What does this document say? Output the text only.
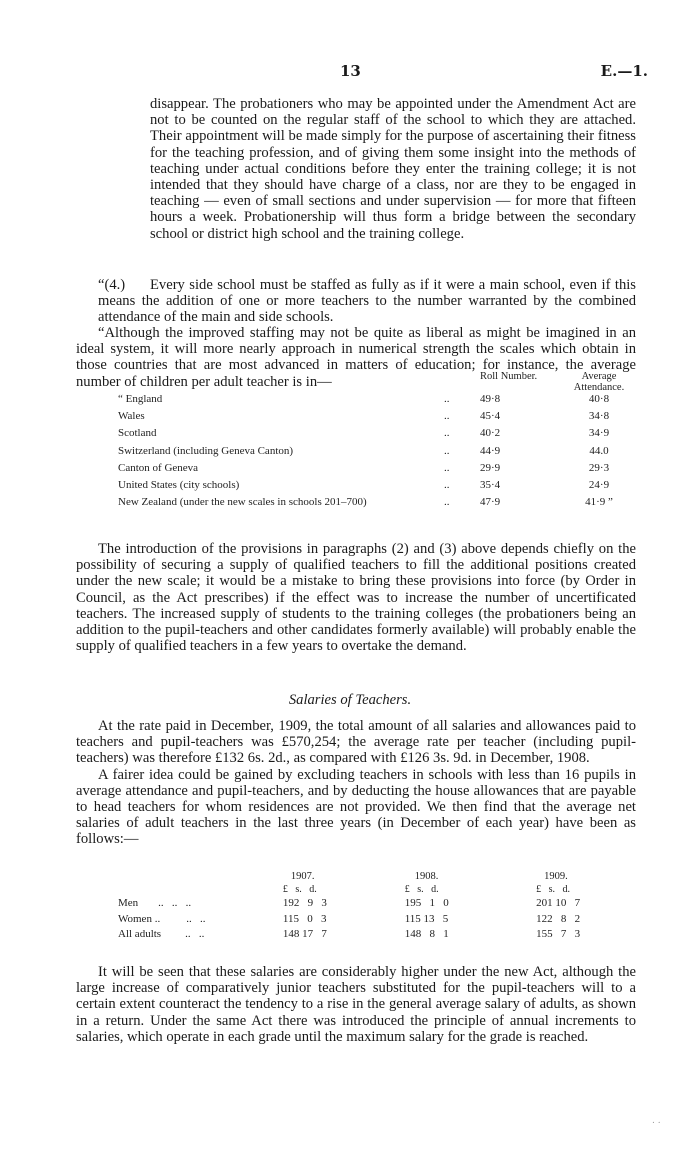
13	E.—1.
disappear. The probationers who may be appointed under the Amendment Act are not to be counted on the regular staff of the school to which they are attached. Their appointment will be made simply for the purpose of ascertaining their fitness for the teaching profession, and of giving them some insight into the methods of teaching under actual conditions before they enter the training college; it is not intended that they should have charge of a class, nor are they to be engaged in teaching — even of small sections and under supervision — for more that fifteen hours a week. Probationership will thus form a bridge between the secondary school or district high school and the training college.
“(4.) Every side school must be staffed as fully as if it were a main school, even if this means the addition of one or more teachers to the number warranted by the combined attendance of the main and side schools.

“Although the improved staffing may not be quite as liberal as might be imagined in an ideal system, it will more nearly approach in numerical strength the scales which obtain in those countries that are most advanced in matters of education; for instance, the average number of children per adult teacher is in—

			Roll Number.	Average Attendance.
“ England	..	49·8	40·8
Wales	..	45·4	34·8
Scotland	..	40·2	34·9
Switzerland (including Geneva Canton)	..	44·9	44.0
Canton of Geneva	..	29·9	29·3
United States (city schools)	..	35·4	24·9
New Zealand (under the new scales in schools 201–700)	..	47·9	41·9 ”

The introduction of the provisions in paragraphs (2) and (3) above depends chiefly on the possibility of securing a supply of qualified teachers to fill the additional positions created under the new scale; it would be a mistake to bring these provisions into force (by Order in Council, as the Act prescribes) if the effect was to increase the number of uncertificated teachers. The increased supply of students to the training colleges (the probationers being an addition to the pupil-teachers and other candidates formerly available) will probably enable the supply of qualified teachers in a few years to overtake the demand.

Salaries of Teachers.

At the rate paid in December, 1909, the total amount of all salaries and allowances paid to teachers and pupil-teachers was £570,254; the average rate per teacher (including pupil-teachers) was therefore £132 6s. 2d., as compared with £126 3s. 9d. in December, 1908.

A fairer idea could be gained by excluding teachers in schools with less than 16 pupils in average attendance and pupil-teachers, and by deducting the house allowances that are payable to head teachers for whom residences are not provided. We then find that the average net salaries of adult teachers in the last three years (in December of each year) have been as follows:—

	1907.	1908.	1909.
	£   s.   d.	£   s.   d.	£   s.   d.
Men ..   ..   ..	192   9   3	195   1   0	201 10   7
Women .. ..   ..	115   0   3	115 13   5	122   8   2
All adults ..   ..	148 17   7	148   8   1	155   7   3

It will be seen that these salaries are considerably higher under the new Act, although the large increase of comparatively junior teachers substituted for the pupil-teachers will to a certain extent counteract the tendency to a rise in the general average salary of adults, as shown in a return. Under the same Act there was introduced the principle of annual increments to salaries, which operate in each grade until the maximum salary for the grade is reached.

. .
